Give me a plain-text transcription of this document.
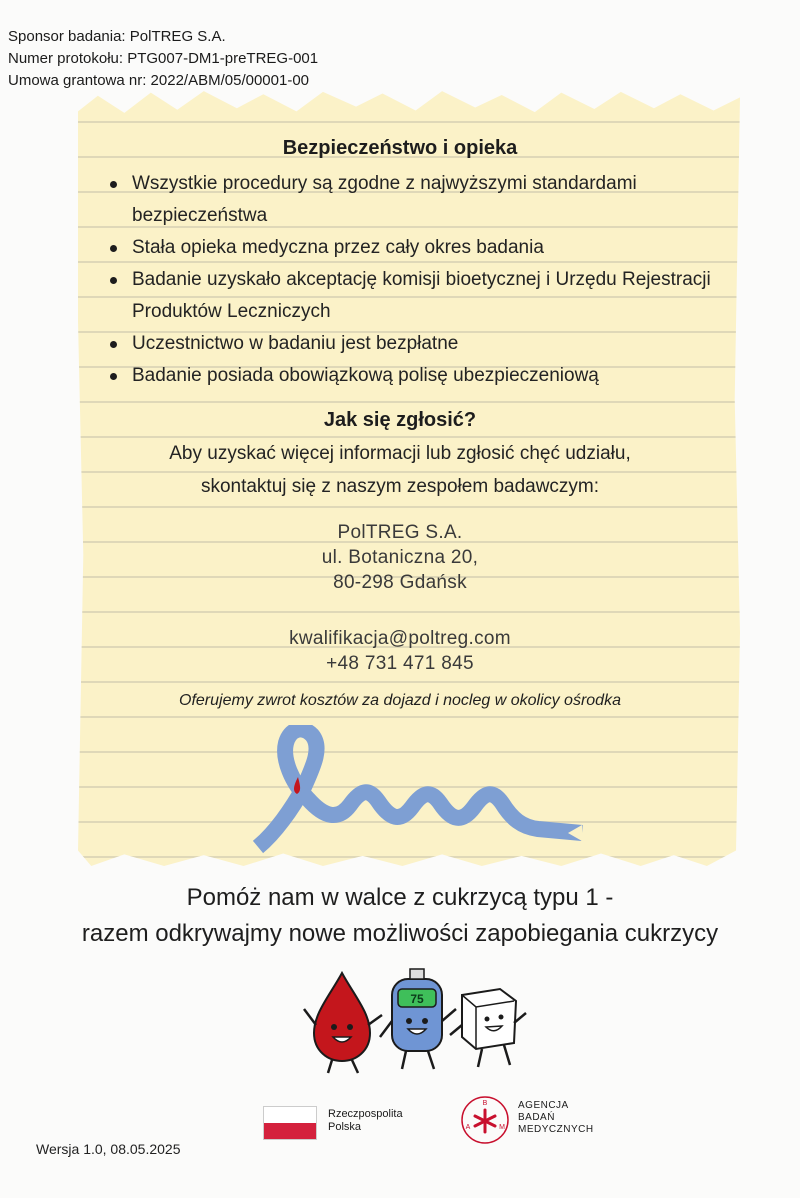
Sponsor badania: PolTREG S.A.
Numer protokołu: PTG007-DM1-preTREG-001
Umowa grantowa nr: 2022/ABM/05/00001-00
Bezpieczeństwo i opieka
Wszystkie procedury są zgodne z najwyższymi standardami bezpieczeństwa
Stała opieka medyczna przez cały okres badania
Badanie uzyskało akceptację komisji bioetycznej i Urzędu Rejestracji Produktów Leczniczych
Uczestnictwo w badaniu jest bezpłatne
Badanie posiada obowiązkową polisę ubezpieczeniową
Jak się zgłosić?
Aby uzyskać więcej informacji lub zgłosić chęć udziału,
skontaktuj się z naszym zespołem badawczym:
PolTREG S.A.
ul. Botaniczna 20,
80-298 Gdańsk
kwalifikacja@poltreg.com
+48 731 471 845
Oferujemy zwrot kosztów za dojazd i nocleg w okolicy ośrodka
Pomóż nam w walce z cukrzycą typu 1 -
razem odkrywajmy nowe możliwości zapobiegania cukrzycy
75
Rzeczpospolita
Polska
B
A	M
AGENCJA
BADAŃ
MEDYCZNYCH
Wersja 1.0, 08.05.2025
